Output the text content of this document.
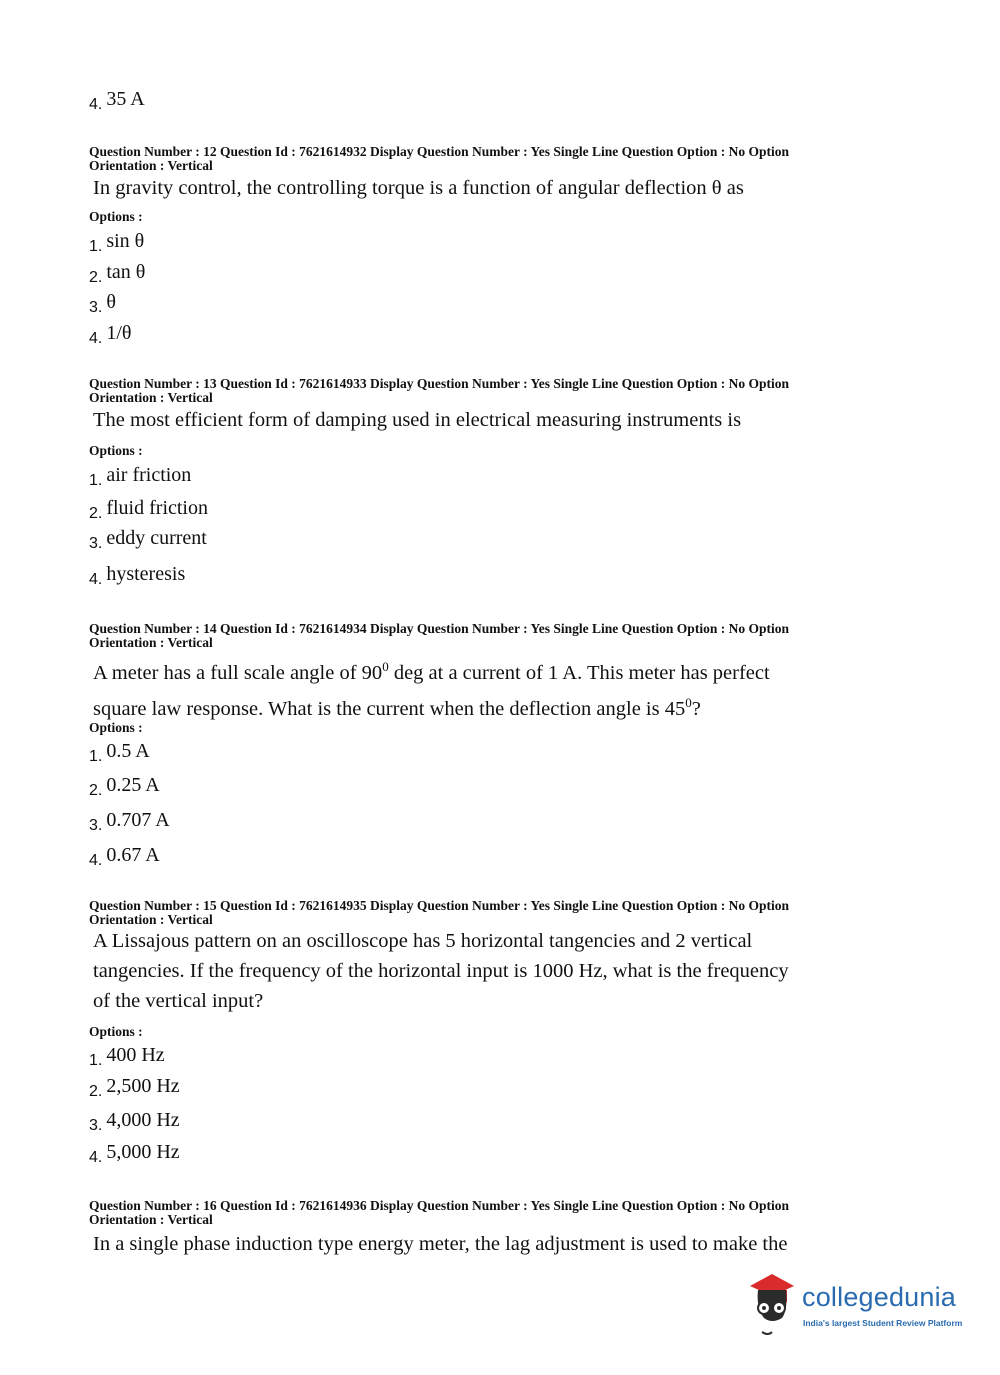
4. 35 A
Question Number : 12 Question Id : 7621614932 Display Question Number : Yes Single Line Question Option : No Option
Orientation : Vertical
In gravity control, the controlling torque is a function of angular deflection θ as
Options :
1. sin θ
2. tan θ
3. θ
4. 1/θ
Question Number : 13 Question Id : 7621614933 Display Question Number : Yes Single Line Question Option : No Option
Orientation : Vertical
The most efficient form of damping used in electrical measuring instruments is
Options :
1. air friction
2. fluid friction
3. eddy current
4. hysteresis
Question Number : 14 Question Id : 7621614934 Display Question Number : Yes Single Line Question Option : No Option
Orientation : Vertical
A meter has a full scale angle of $90^0$ deg at a current of 1 A. This meter has perfect
square law response. What is the current when the deflection angle is $45^0$?
Options :
1. 0.5 A
2. 0.25 A
3. 0.707 A
4. 0.67 A
Question Number : 15 Question Id : 7621614935 Display Question Number : Yes Single Line Question Option : No Option
Orientation : Vertical
A Lissajous pattern on an oscilloscope has 5 horizontal tangencies and 2 vertical
tangencies. If the frequency of the horizontal input is 1000 Hz, what is the frequency
of the vertical input?
Options :
1. 400 Hz
2. 2,500 Hz
3. 4,000 Hz
4. 5,000 Hz
Question Number : 16 Question Id : 7621614936 Display Question Number : Yes Single Line Question Option : No Option
Orientation : Vertical
In a single phase induction type energy meter, the lag adjustment is used to make the
collegedunia
India's largest Student Review Platform
